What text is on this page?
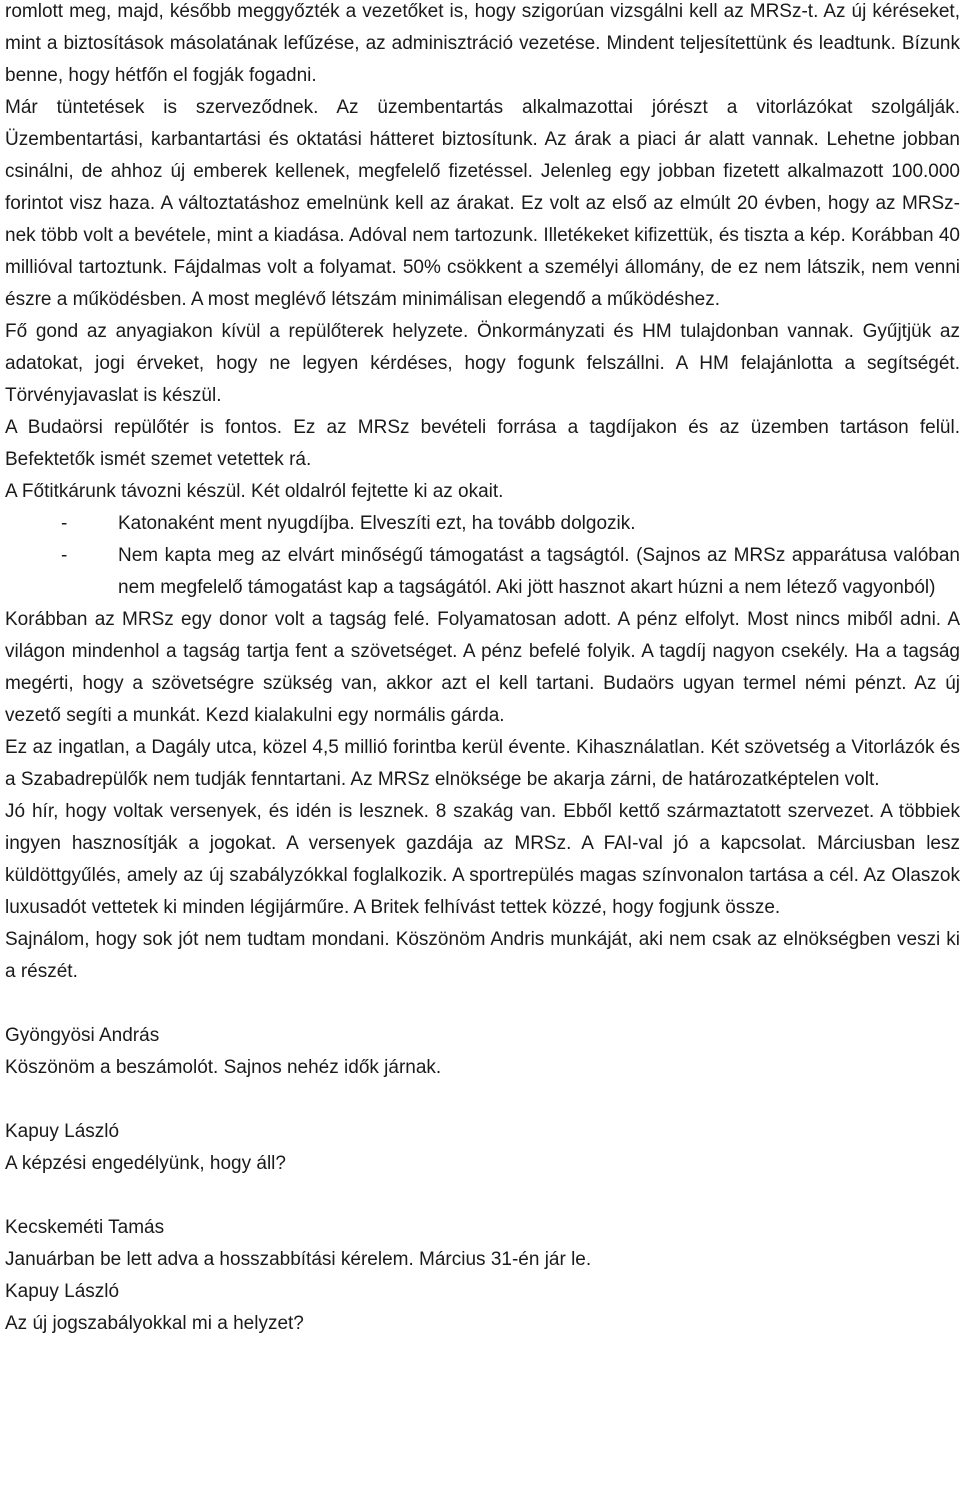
romlott meg, majd, később meggyőzték a vezetőket is, hogy szigorúan vizsgálni kell az MRSz-t. Az új kéréseket, mint a biztosítások másolatának lefűzése, az adminisztráció vezetése. Mindent teljesítettünk és leadtunk. Bízunk benne, hogy hétfőn el fogják fogadni.

Már tüntetések is szerveződnek. Az üzembentartás alkalmazottai jórészt a vitorlázókat szolgálják. Üzembentartási, karbantartási és oktatási hátteret biztosítunk. Az árak a piaci ár alatt vannak. Lehetne jobban csinálni, de ahhoz új emberek kellenek, megfelelő fizetéssel. Jelenleg egy jobban fizetett alkalmazott 100.000 forintot visz haza. A változtatáshoz emelnünk kell az árakat. Ez volt az első az elmúlt 20 évben, hogy az MRSz-nek több volt a bevétele, mint a kiadása. Adóval nem tartozunk. Illetékeket kifizettük, és tiszta a kép. Korábban 40 millióval tartoztunk. Fájdalmas volt a folyamat. 50% csökkent a személyi állomány, de ez nem látszik, nem venni észre a működésben. A most meglévő létszám minimálisan elegendő a működéshez.

Fő gond az anyagiakon kívül a repülőterek helyzete. Önkormányzati és HM tulajdonban vannak. Gyűjtjük az adatokat, jogi érveket, hogy ne legyen kérdéses, hogy fogunk felszállni. A HM felajánlotta a segítségét. Törvényjavaslat is készül.

A Budaörsi repülőtér is fontos. Ez az MRSz bevételi forrása a tagdíjakon és az üzemben tartáson felül. Befektetők ismét szemet vetettek rá.

A Főtitkárunk távozni készül. Két oldalról fejtette ki az okait.

-	Katonaként ment nyugdíjba. Elveszíti ezt, ha tovább dolgozik.
-	Nem kapta meg az elvárt minőségű támogatást a tagságtól. (Sajnos az MRSz apparátusa valóban nem megfelelő támogatást kap a tagságától. Aki jött hasznot akart húzni a nem létező vagyonból)

Korábban az MRSz egy donor volt a tagság felé. Folyamatosan adott. A pénz elfolyt. Most nincs miből adni. A világon mindenhol a tagság tartja fent a szövetséget. A pénz befelé folyik. A tagdíj nagyon csekély. Ha a tagság megérti, hogy a szövetségre szükség van, akkor azt el kell tartani. Budaörs ugyan termel némi pénzt. Az új vezető segíti a munkát. Kezd kialakulni egy normális gárda.

Ez az ingatlan, a Dagály utca, közel 4,5 millió forintba kerül évente. Kihasználatlan. Két szövetség a Vitorlázók és a Szabadrepülők nem tudják fenntartani. Az MRSz elnöksége be akarja zárni, de határozatképtelen volt.

Jó hír, hogy voltak versenyek, és idén is lesznek. 8 szakág van. Ebből kettő származtatott szervezet. A többiek ingyen hasznosítják a jogokat. A versenyek gazdája az MRSz. A FAI-val jó a kapcsolat. Márciusban lesz küldöttgyűlés, amely az új szabályzókkal foglalkozik. A sportrepülés magas színvonalon tartása a cél. Az Olaszok luxusadót vettetek ki minden légijárműre. A Britek felhívást tettek közzé, hogy fogjunk össze.

Sajnálom, hogy sok jót nem tudtam mondani. Köszönöm Andris munkáját, aki nem csak az elnökségben veszi ki a részét.

Gyöngyösi András

Köszönöm a beszámolót. Sajnos nehéz idők járnak.

Kapuy László

A képzési engedélyünk, hogy áll?

Kecskeméti Tamás

Januárban be lett adva a hosszabbítási kérelem. Március 31-én jár le.

Kapuy László

Az új jogszabályokkal mi a helyzet?
